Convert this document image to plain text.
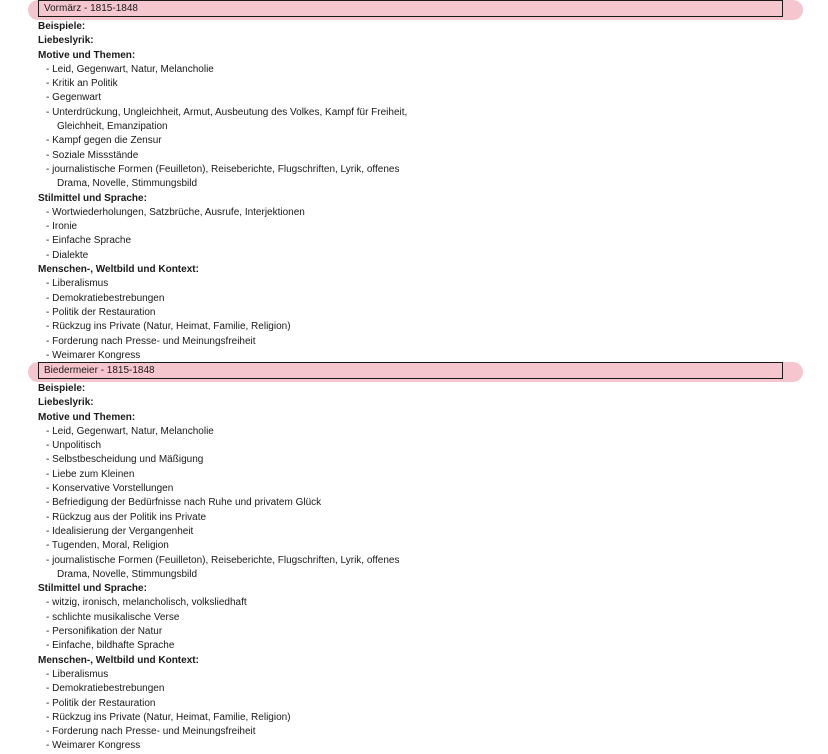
Vormärz - 1815-1848
Beispiele:
Liebeslyrik:
Motive und Themen:
- Leid, Gegenwart, Natur, Melancholie
- Kritik an Politik
- Gegenwart
- Unterdrückung, Ungleichheit, Armut, Ausbeutung des Volkes, Kampf für Freiheit,
Gleichheit, Emanzipation
- Kampf gegen die Zensur
- Soziale Missstände
- journalistische Formen (Feuilleton), Reiseberichte, Flugschriften, Lyrik, offenes
Drama, Novelle, Stimmungsbild
Stilmittel und Sprache:
- Wortwiederholungen, Satzbrüche, Ausrufe, Interjektionen
- Ironie
- Einfache Sprache
- Dialekte
Menschen-, Weltbild und Kontext:
- Liberalismus
- Demokratiebestrebungen
- Politik der Restauration
- Rückzug ins Private (Natur, Heimat, Familie, Religion)
- Forderung nach Presse- und Meinungsfreiheit
- Weimarer Kongress
Biedermeier - 1815-1848
Beispiele:
Liebeslyrik:
Motive und Themen:
- Leid, Gegenwart, Natur, Melancholie
- Unpolitisch
- Selbstbescheidung und Mäßigung
- Liebe zum Kleinen
- Konservative Vorstellungen
- Befriedigung der Bedürfnisse nach Ruhe und privatem Glück
- Rückzug aus der Politik ins Private
- Idealisierung der Vergangenheit
- Tugenden, Moral, Religion
- journalistische Formen (Feuilleton), Reiseberichte, Flugschriften, Lyrik, offenes
Drama, Novelle, Stimmungsbild
Stilmittel und Sprache:
- witzig, ironisch, melancholisch, volksliedhaft
- schlichte musikalische Verse
- Personifikation der Natur
- Einfache, bildhafte Sprache
Menschen-, Weltbild und Kontext:
- Liberalismus
- Demokratiebestrebungen
- Politik der Restauration
- Rückzug ins Private (Natur, Heimat, Familie, Religion)
- Forderung nach Presse- und Meinungsfreiheit
- Weimarer Kongress
